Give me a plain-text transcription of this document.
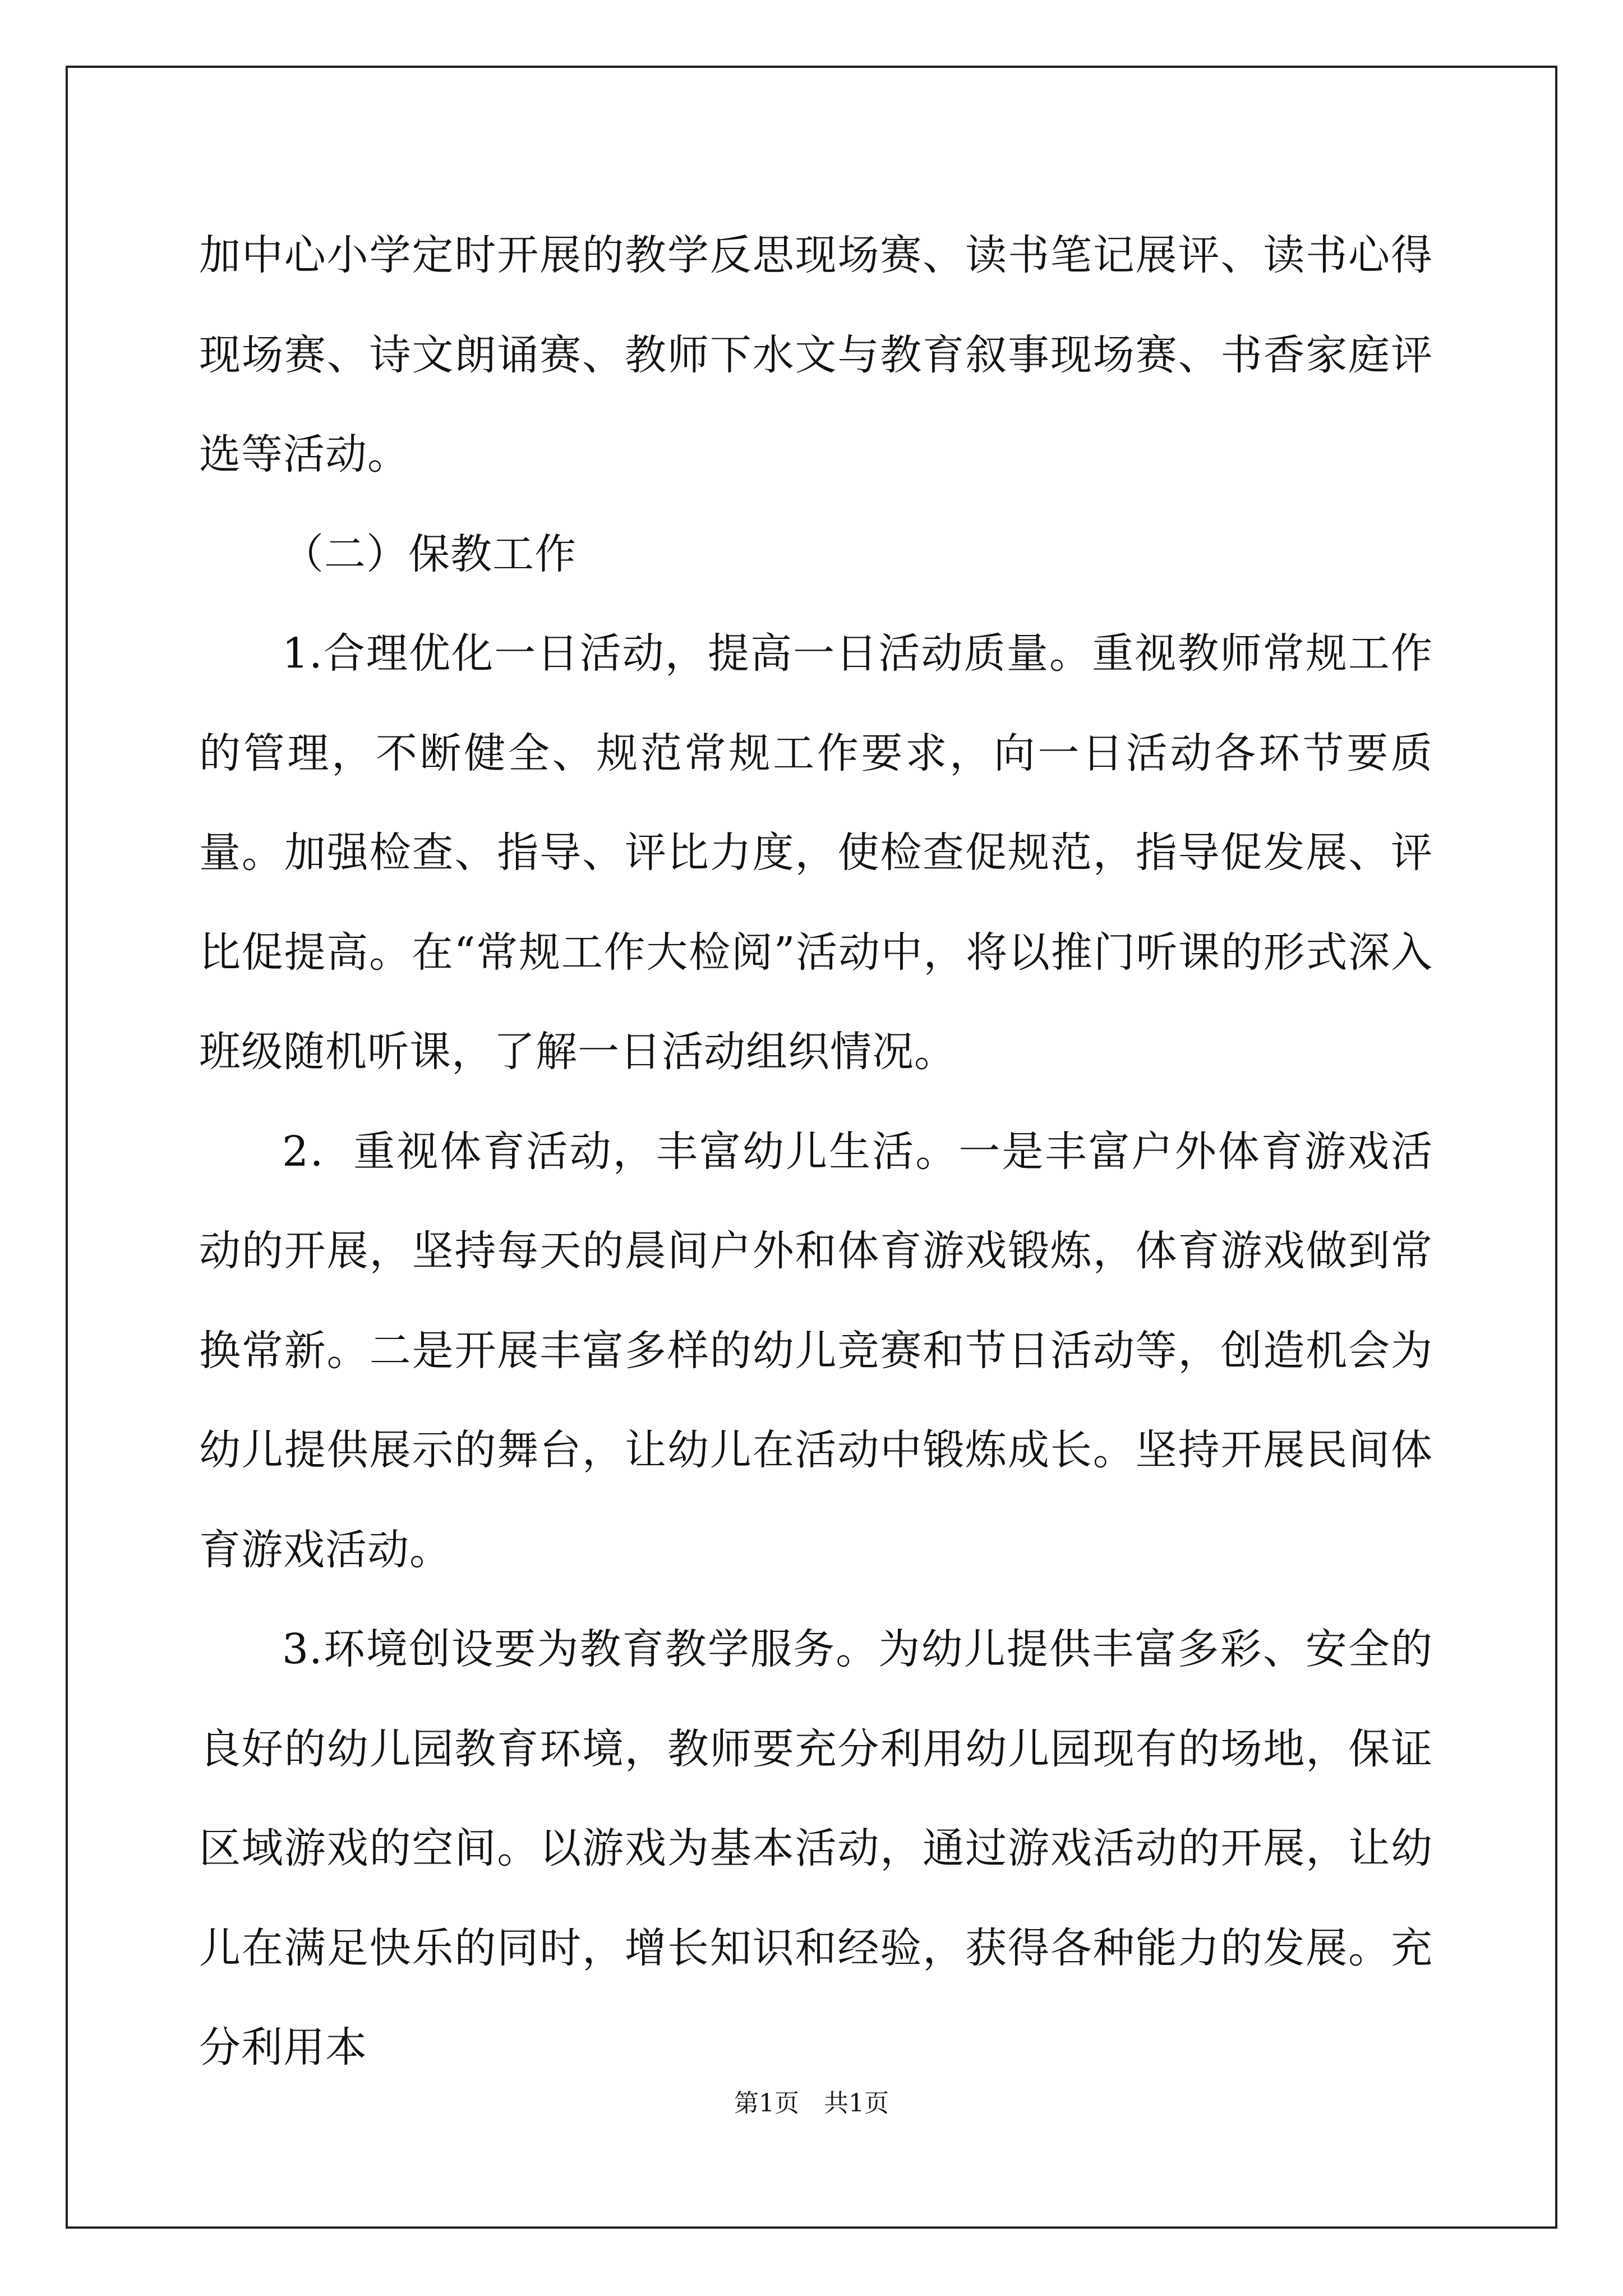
加中心小学定时开展的教学反思现场赛、读书笔记展评、读书心得现场赛、诗文朗诵赛、教师下水文与教育叙事现场赛、书香家庭评选等活动。

（二）保教工作

1.合理优化一日活动，提高一日活动质量。重视教师常规工作的管理，不断健全、规范常规工作要求，向一日活动各环节要质量。加强检查、指导、评比力度，使检查促规范，指导促发展、评比促提高。在“常规工作大检阅”活动中，将以推门听课的形式深入班级随机听课，了解一日活动组织情况。

2．重视体育活动，丰富幼儿生活。一是丰富户外体育游戏活动的开展，坚持每天的晨间户外和体育游戏锻炼，体育游戏做到常换常新。二是开展丰富多样的幼儿竞赛和节日活动等，创造机会为幼儿提供展示的舞台，让幼儿在活动中锻炼成长。坚持开展民间体育游戏活动。

3.环境创设要为教育教学服务。为幼儿提供丰富多彩、安全的良好的幼儿园教育环境，教师要充分利用幼儿园现有的场地，保证区域游戏的空间。以游戏为基本活动，通过游戏活动的开展，让幼儿在满足快乐的同时，增长知识和经验，获得各种能力的发展。充分利用本

第1页　共1页
